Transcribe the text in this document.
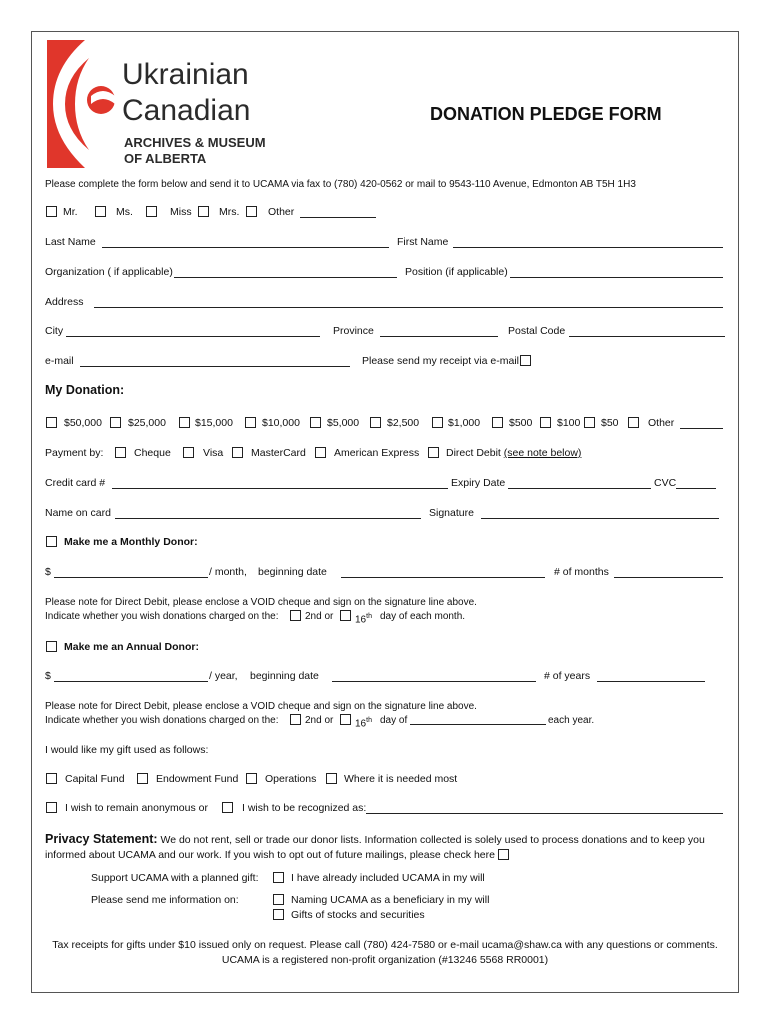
Ukrainian
Canadian
ARCHIVES & MUSEUM
OF ALBERTA
DONATION PLEDGE FORM
Please complete the form below and send it to UCAMA via fax to (780) 420-0562 or mail to 9543-110 Avenue, Edmonton AB T5H 1H3
Mr.	Ms.	Miss	Mrs.	Other
Last Name	First Name
Organization ( if applicable)	Position (if applicable)
Address
City	Province	Postal Code
e-mail	Please send my receipt via e-mail
My Donation:
$50,000 $25,000	$15,000	$10,000	$5,000	$2,500	$1,000	$500 $100 $50	Other
Payment by:	Cheque	Visa	MasterCard	American Express	Direct Debit (see note below)
Credit card #	Expiry Date	CVC
Name on card	Signature
Make me a Monthly Donor:
$	/ month, beginning date	# of months
Please note for Direct Debit, please enclose a VOID cheque and sign on the signature line above.
Indicate whether you wish donations charged on the:	2nd or 16th day of each month.
Make me an Annual Donor:
$	/ year, beginning date	# of years
Please note for Direct Debit, please enclose a VOID cheque and sign on the signature line above.
Indicate whether you wish donations charged on the:	2nd or 16th day of	each year.
I would like my gift used as follows:
Capital Fund	Endowment Fund	Operations	Where it is needed most
I wish to remain anonymous or	I wish to be recognized as:
Privacy Statement: We do not rent, sell or trade our donor lists. Information collected is solely used to process donations and to keep you
informed about UCAMA and our work. If you wish to opt out of future mailings, please check here
Support UCAMA with a planned gift:	I have already included UCAMA in my will
Please send me information on:	Naming UCAMA as a beneficiary in my will
Gifts of stocks and securities
Tax receipts for gifts under $10 issued only on request. Please call (780) 424-7580 or e-mail ucama@shaw.ca with any questions or comments.
UCAMA is a registered non-profit organization (#13246 5568 RR0001)
